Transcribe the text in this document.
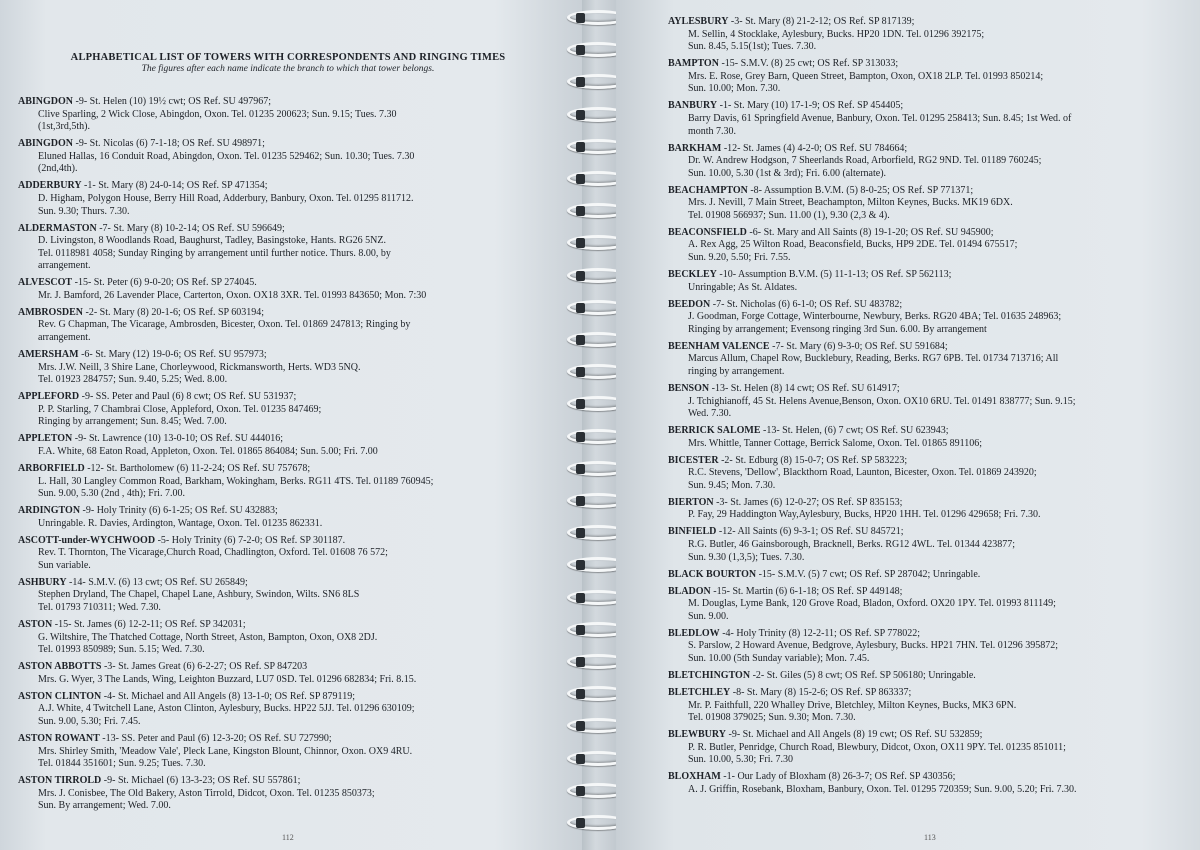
ALPHABETICAL LIST OF TOWERS WITH CORRESPONDENTS AND RINGING TIMES
The figures after each name indicate the branch to which that tower belongs.
ABINGDON -9- St. Helen (10) 19½ cwt; OS Ref. SU 497967;
Clive Sparling, 2 Wick Close, Abingdon, Oxon. Tel. 01235 200623; Sun. 9.15; Tues. 7.30
(1st,3rd,5th).
ABINGDON -9- St. Nicolas (6) 7-1-18; OS Ref. SU 498971;
Eluned Hallas, 16 Conduit Road, Abingdon, Oxon. Tel. 01235 529462; Sun. 10.30; Tues. 7.30
(2nd,4th).
ADDERBURY -1- St. Mary (8) 24-0-14; OS Ref. SP 471354;
D. Higham, Polygon House, Berry Hill Road, Adderbury, Banbury, Oxon. Tel. 01295 811712.
Sun. 9.30; Thurs. 7.30.
ALDERMASTON -7- St. Mary (8) 10-2-14; OS Ref. SU 596649;
D. Livingston, 8 Woodlands Road, Baughurst, Tadley, Basingstoke, Hants. RG26 5NZ.
Tel. 0118981 4058; Sunday Ringing by arrangement until further notice. Thurs. 8.00, by
arrangement.
ALVESCOT -15- St. Peter (6) 9-0-20; OS Ref. SP 274045.
Mr. J. Bamford, 26 Lavender Place, Carterton, Oxon. OX18 3XR. Tel. 01993 843650; Mon. 7:30
AMBROSDEN -2- St. Mary (8) 20-1-6; OS Ref. SP 603194;
Rev. G Chapman, The Vicarage, Ambrosden, Bicester, Oxon. Tel. 01869 247813; Ringing by
arrangement.
AMERSHAM -6- St. Mary (12) 19-0-6; OS Ref. SU 957973;
Mrs. J.W. Neill, 3 Shire Lane, Chorleywood, Rickmansworth, Herts. WD3 5NQ.
Tel. 01923 284757; Sun. 9.40, 5.25; Wed. 8.00.
APPLEFORD -9- SS. Peter and Paul (6) 8 cwt; OS Ref. SU 531937;
P. P. Starling, 7 Chambrai Close, Appleford, Oxon. Tel. 01235 847469;
Ringing by arrangement; Sun. 8.45; Wed. 7.00.
APPLETON -9- St. Lawrence (10) 13-0-10; OS Ref. SU 444016;
F.A. White, 68 Eaton Road, Appleton, Oxon. Tel. 01865 864084; Sun. 5.00; Fri. 7.00
ARBORFIELD -12- St. Bartholomew (6) 11-2-24; OS Ref. SU 757678;
L. Hall, 30 Langley Common Road, Barkham, Wokingham, Berks. RG11 4TS. Tel. 01189 760945;
Sun. 9.00, 5.30 (2nd , 4th); Fri. 7.00.
ARDINGTON -9- Holy Trinity (6) 6-1-25; OS Ref. SU 432883;
Unringable. R. Davies, Ardington, Wantage, Oxon. Tel. 01235 862331.
ASCOTT-under-WYCHWOOD -5- Holy Trinity (6) 7-2-0; OS Ref. SP 301187.
Rev. T. Thornton, The Vicarage,Church Road, Chadlington, Oxford. Tel. 01608 76 572;
Sun variable.
ASHBURY -14- S.M.V. (6) 13 cwt; OS Ref. SU 265849;
Stephen Dryland, The Chapel, Chapel Lane, Ashbury, Swindon, Wilts. SN6 8LS
Tel. 01793 710311; Wed. 7.30.
ASTON -15- St. James (6) 12-2-11; OS Ref. SP 342031;
G. Wiltshire, The Thatched Cottage, North Street, Aston, Bampton, Oxon, OX8 2DJ.
Tel. 01993 850989; Sun. 5.15; Wed. 7.30.
ASTON ABBOTTS -3- St. James Great (6) 6-2-27; OS Ref. SP 847203
Mrs. G. Wyer, 3 The Lands, Wing, Leighton Buzzard, LU7 0SD. Tel. 01296 682834; Fri. 8.15.
ASTON CLINTON -4- St. Michael and All Angels (8) 13-1-0; OS Ref. SP 879119;
A.J. White, 4 Twitchell Lane, Aston Clinton, Aylesbury, Bucks. HP22 5JJ. Tel. 01296 630109;
Sun. 9.00, 5.30; Fri. 7.45.
ASTON ROWANT -13- SS. Peter and Paul (6) 12-3-20; OS Ref. SU 727990;
Mrs. Shirley Smith, 'Meadow Vale', Pleck Lane, Kingston Blount, Chinnor, Oxon. OX9 4RU.
Tel. 01844 351601; Sun. 9.25; Tues. 7.30.
ASTON TIRROLD -9- St. Michael (6) 13-3-23; OS Ref. SU 557861;
Mrs. J. Conisbee, The Old Bakery, Aston Tirrold, Didcot, Oxon. Tel. 01235 850373;
Sun. By arrangement; Wed. 7.00.
112
AYLESBURY -3- St. Mary (8) 21-2-12; OS Ref. SP 817139;
M. Sellin, 4 Stocklake, Aylesbury, Bucks. HP20 1DN. Tel. 01296 392175;
Sun. 8.45, 5.15(1st); Tues. 7.30.
BAMPTON -15- S.M.V. (8) 25 cwt; OS Ref. SP 313033;
Mrs. E. Rose, Grey Barn, Queen Street, Bampton, Oxon, OX18 2LP. Tel. 01993 850214;
Sun. 10.00; Mon. 7.30.
BANBURY -1- St. Mary (10) 17-1-9; OS Ref. SP 454405;
Barry Davis, 61 Springfield Avenue, Banbury, Oxon. Tel. 01295 258413; Sun. 8.45; 1st Wed. of
month 7.30.
BARKHAM -12- St. James (4) 4-2-0; OS Ref. SU 784664;
Dr. W. Andrew Hodgson, 7 Sheerlands Road, Arborfield, RG2 9ND. Tel. 01189 760245;
Sun. 10.00, 5.30 (1st & 3rd); Fri. 6.00 (alternate).
BEACHAMPTON -8- Assumption B.V.M. (5) 8-0-25; OS Ref. SP 771371;
Mrs. J. Nevill, 7 Main Street, Beachampton, Milton Keynes, Bucks. MK19 6DX.
Tel. 01908 566937; Sun. 11.00 (1), 9.30 (2,3 & 4).
BEACONSFIELD -6- St. Mary and All Saints (8) 19-1-20; OS Ref. SU 945900;
A. Rex Agg, 25 Wilton Road, Beaconsfield, Bucks, HP9 2DE. Tel. 01494 675517;
Sun. 9.20, 5.50; Fri. 7.55.
BECKLEY -10- Assumption B.V.M. (5) 11-1-13; OS Ref. SP 562113;
Unringable; As St. Aldates.
BEEDON -7- St. Nicholas (6) 6-1-0; OS Ref. SU 483782;
J. Goodman, Forge Cottage, Winterbourne, Newbury, Berks. RG20 4BA; Tel. 01635 248963;
Ringing by arrangement; Evensong ringing 3rd Sun. 6.00. By arrangement
BEENHAM VALENCE -7- St. Mary (6) 9-3-0; OS Ref. SU 591684;
Marcus Allum, Chapel Row, Bucklebury, Reading, Berks. RG7 6PB. Tel. 01734 713716; All
ringing by arrangement.
BENSON -13- St. Helen (8) 14 cwt; OS Ref. SU 614917;
J. Tchighianoff, 45 St. Helens Avenue,Benson, Oxon. OX10 6RU. Tel. 01491 838777; Sun. 9.15;
Wed. 7.30.
BERRICK SALOME -13- St. Helen, (6) 7 cwt; OS Ref. SU 623943;
Mrs. Whittle, Tanner Cottage, Berrick Salome, Oxon. Tel. 01865 891106;
BICESTER -2- St. Edburg (8) 15-0-7; OS Ref. SP 583223;
R.C. Stevens, 'Dellow', Blackthorn Road, Launton, Bicester, Oxon. Tel. 01869 243920;
Sun. 9.45; Mon. 7.30.
BIERTON -3- St. James (6) 12-0-27; OS Ref. SP 835153;
P. Fay, 29 Haddington Way,Aylesbury, Bucks, HP20 1HH. Tel. 01296 429658; Fri. 7.30.
BINFIELD -12- All Saints (6) 9-3-1; OS Ref. SU 845721;
R.G. Butler, 46 Gainsborough, Bracknell, Berks. RG12 4WL. Tel. 01344 423877;
Sun. 9.30 (1,3,5); Tues. 7.30.
BLACK BOURTON -15- S.M.V. (5) 7 cwt; OS Ref. SP 287042; Unringable.
BLADON -15- St. Martin (6) 6-1-18; OS Ref. SP 449148;
M. Douglas, Lyme Bank, 120 Grove Road, Bladon, Oxford. OX20 1PY. Tel. 01993 811149;
Sun. 9.00.
BLEDLOW -4- Holy Trinity (8) 12-2-11; OS Ref. SP 778022;
S. Parslow, 2 Howard Avenue, Bedgrove, Aylesbury, Bucks. HP21 7HN. Tel. 01296 395872;
Sun. 10.00 (5th Sunday variable); Mon. 7.45.
BLETCHINGTON -2- St. Giles (5) 8 cwt; OS Ref. SP 506180; Unringable.
BLETCHLEY -8- St. Mary (8) 15-2-6; OS Ref. SP 863337;
Mr. P. Faithfull, 220 Whalley Drive, Bletchley, Milton Keynes, Bucks, MK3 6PN.
Tel. 01908 379025; Sun. 9.30; Mon. 7.30.
BLEWBURY -9- St. Michael and All Angels (8) 19 cwt; OS Ref. SU 532859;
P. R. Butler, Penridge, Church Road, Blewbury, Didcot, Oxon, OX11 9PY. Tel. 01235 851011;
Sun. 10.00, 5.30; Fri. 7.30
BLOXHAM -1- Our Lady of Bloxham (8) 26-3-7; OS Ref. SP 430356;
A. J. Griffin, Rosebank, Bloxham, Banbury, Oxon. Tel. 01295 720359; Sun. 9.00, 5.20; Fri. 7.30.
113
